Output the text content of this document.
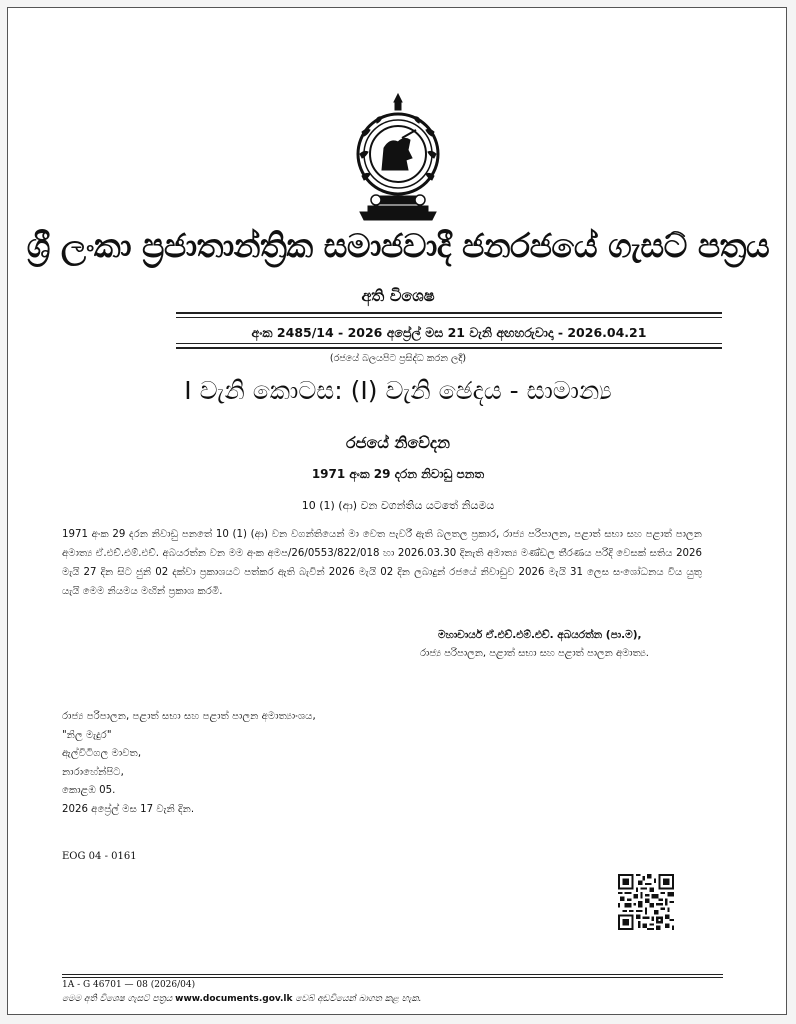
ශ්‍රී ලංකා ප්‍රජාතාන්ත්‍රික සමාජවාදී ජනරජයේ ගැසට් පත්‍රය
අති විශෙෂ
අංක 2485/14 - 2026 අප්‍රේල් මස 21 වැනි අඟහරුවාදා - 2026.04.21
(රජයේ බලයපිට ප්‍රසිද්ධ කරන ලදී)
I වැනි කොටස: (I) වැනි ඡෙදය - සාමාන්‍ය
රජයේ නිවේදන
1971 අංක 29 දරන නිවාඩු පනත
10 (1) (ආ) වන වගන්තිය යටතේ නියමය
1971 අංක 29 දරන නිවාඩු පනතේ 10 (1) (ආ) වන වගන්තියෙන් මා වෙත පැවරී ඇති බලතල ප්‍රකාර, රාජ්‍ය පරිපාලන, පළාත් සභා සහ පළාත් පාලන අමාත්‍ය ඒ.එච්.එම්.එච්. අබයරත්න වන මම අංක අමප/26/0553/822/018 හා 2026.03.30 දිනැති අමාත්‍ය මණ්ඩල තීරණය පරිදි වෙසක් සතිය 2026 මැයි 27 දින සිට ජුනි 02 දක්වා ප්‍රකාශයට පත්කර ඇති බැවින් 2026 මැයි 02 දින ලබාදුන් රජයේ නිවාඩුව 2026 මැයි 31 ලෙස සංශෝධනය විය යුතු යැයි මෙම නියමය මඟින් ප්‍රකාශ කරමි.
මහාචාර්ය ඒ.එච්.එම්.එච්. අබයරත්න (පා.ම),
රාජ්‍ය පරිපාලන, පළාත් සභා සහ පළාත් පාලන අමාත්‍ය.
රාජ්‍ය පරිපාලන, පළාත් සභා සහ පළාත් පාලන අමාත්‍යාංශය,
"නිල මැදුර"
ඇල්විටිගල මාවත,
නාරාහේන්පිට,
කොළඹ 05.
2026 අප්‍රේල් මස 17 වැනි දින.
EOG 04 - 0161
1A - G 46701 — 08 (2026/04)
මෙම අති විශෙෂ ගැසට් පත්‍රය www.documents.gov.lk වෙබ් අඩවියෙන් බාගත කළ හැක.
